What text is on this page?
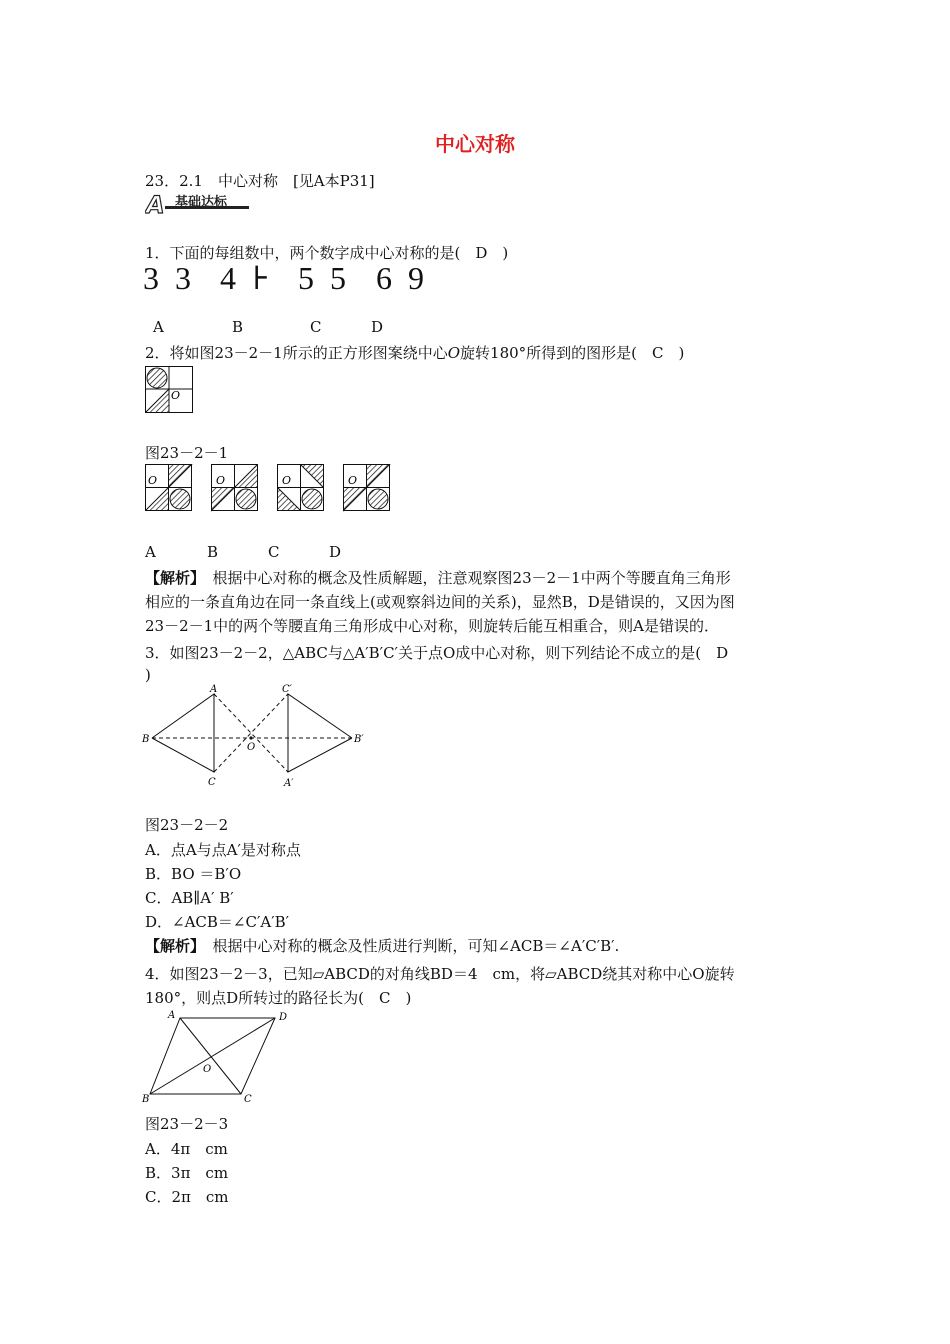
中心对称
23．2.1　中心对称　[见A本P31]
A 基础达标
1．下面的每组数中，两个数字成中心对称的是(　D　)
3 3 4 ⊦ 5 5 6 9
A	B	C	D
2．将如图23－2－1所示的正方形图案绕中心O旋转180°所得到的图形是(　C　)
O
图23－2－1
O	O	O	O
A	B	C	D
【解析】　 根据中心对称的概念及性质解题，注意观察图23－2－1中两个等腰直角三角形
相应的一条直角边在同一条直线上(或观察斜边间的关系)，显然B，D是错误的，又因为图
23－2－1中的两个等腰直角三角形成中心对称，则旋转后能互相重合，则A是错误的．
3．如图23－2－2，△ABC与△A′B′C′关于点O成中心对称，则下列结论不成立的是(　D
)
A
B
C
O
A′
B′
C′
图23－2－2
A．点A与点A′是对称点
B．BO ＝B′O
C．AB∥A′ B′
D．∠ACB＝∠C′A′B′
【解析】　 根据中心对称的概念及性质进行判断，可知∠ACB＝∠A′C′B′.
4．如图23－2－3，已知▱ABCD的对角线BD＝4　cm，将▱ABCD绕其对称中心O旋转
180°，则点D所转过的路径长为(　C　)
A	D
B	C
O
图23－2－3
A．4π　cm
B．3π　cm
C．2π　cm
